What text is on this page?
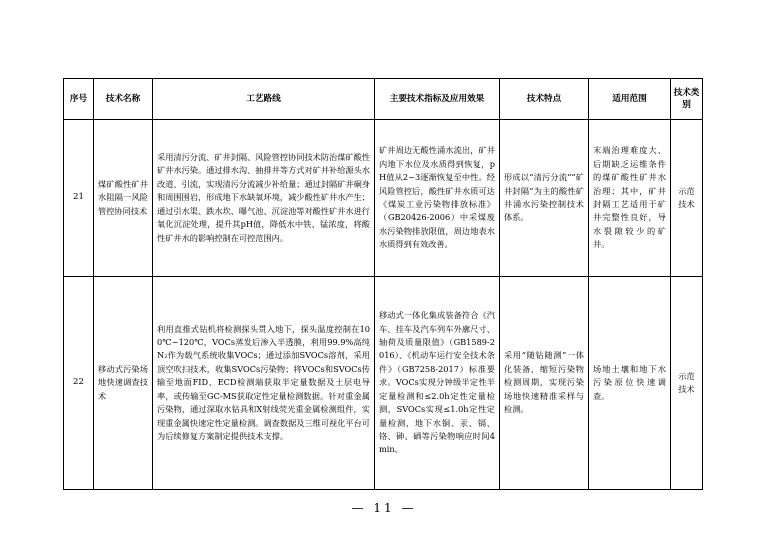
序号	技术名称	工艺路线	主要技术指标及应用效果	技术特点	适用范围	技术类别
21	煤矿酸性矿井水阻隔一风险管控协同技术	采用清污分流、矿井封隔、风险管控协同技术防治煤矿酸性矿井水污染。通过排水沟、抽排井等方式对矿井补给源头水改道、引流，实现清污分流减少补给量；通过封隔矿井硐身和周围围岩，形成地下水缺氧环境，减少酸性矿井水产生；通过引水渠、跌水坎、曝气池、沉淀池等对酸性矿井水进行氧化沉淀处理，提升其pH值，降低水中铁、锰浓度，将酸性矿井水的影响控制在可控范围内。	矿井周边无酸性涌水流出，矿井内地下水位及水质得到恢复，pH值从2~3逐渐恢复至中性。经风险管控后，酸性矿井水质可达《煤炭工业污染物排放标准》（GB20426-2006）中采煤废水污染物排放限值，周边地表水水质得到有效改善。	形成以“清污分流”“矿井封隔”为主的酸性矿井涌水污染控制技术体系。	末端治理难度大、后期缺乏运维条件的煤矿酸性矿井水治理；其中，矿井封隔工艺适用于矿井完整性良好，导水裂隙较少的矿井。	示范技术
22	移动式污染场地快速调查技术	利用直推式钻机将检测探头贯入地下，探头温度控制在100℃~120℃，VOCs蒸发后渗入半透膜，利用99.9%高纯N₂作为载气系统收集VOCs；通过添加SVOCs溶剂，采用顶空吹扫技术，收集SVOCs污染物；将VOCs和SVOCs传输至地面FID、ECD检测端获取半定量数据及土层电导率，或传输至GC-MS获取定性定量检测数据。针对重金属污染物，通过深取水钻具和X射线荧光重金属检测组件，实现重金属快速定性定量检测。调查数据及三维可视化平台可为后续修复方案制定提供技术支撑。	移动式一体化集成装备符合《汽车、挂车及汽车列车外廓尺寸、轴荷及质量限值》（GB1589-2016）、《机动车运行安全技术条件》（GB7258-2017）标准要求。VOCs实现分钟级半定性半定量检测和≤2.0h定性定量检测，SVOCs实现≤1.0h定性定量检测，地下水铜、汞、镉、铬、砷、硒等污染物响应时间4min。	采用“随钻随测”一体化装备，缩短污染物检测周期，实现污染场地快速精准采样与检测。	场地土壤和地下水污染原位快速调查。	示范技术
— 11 —
